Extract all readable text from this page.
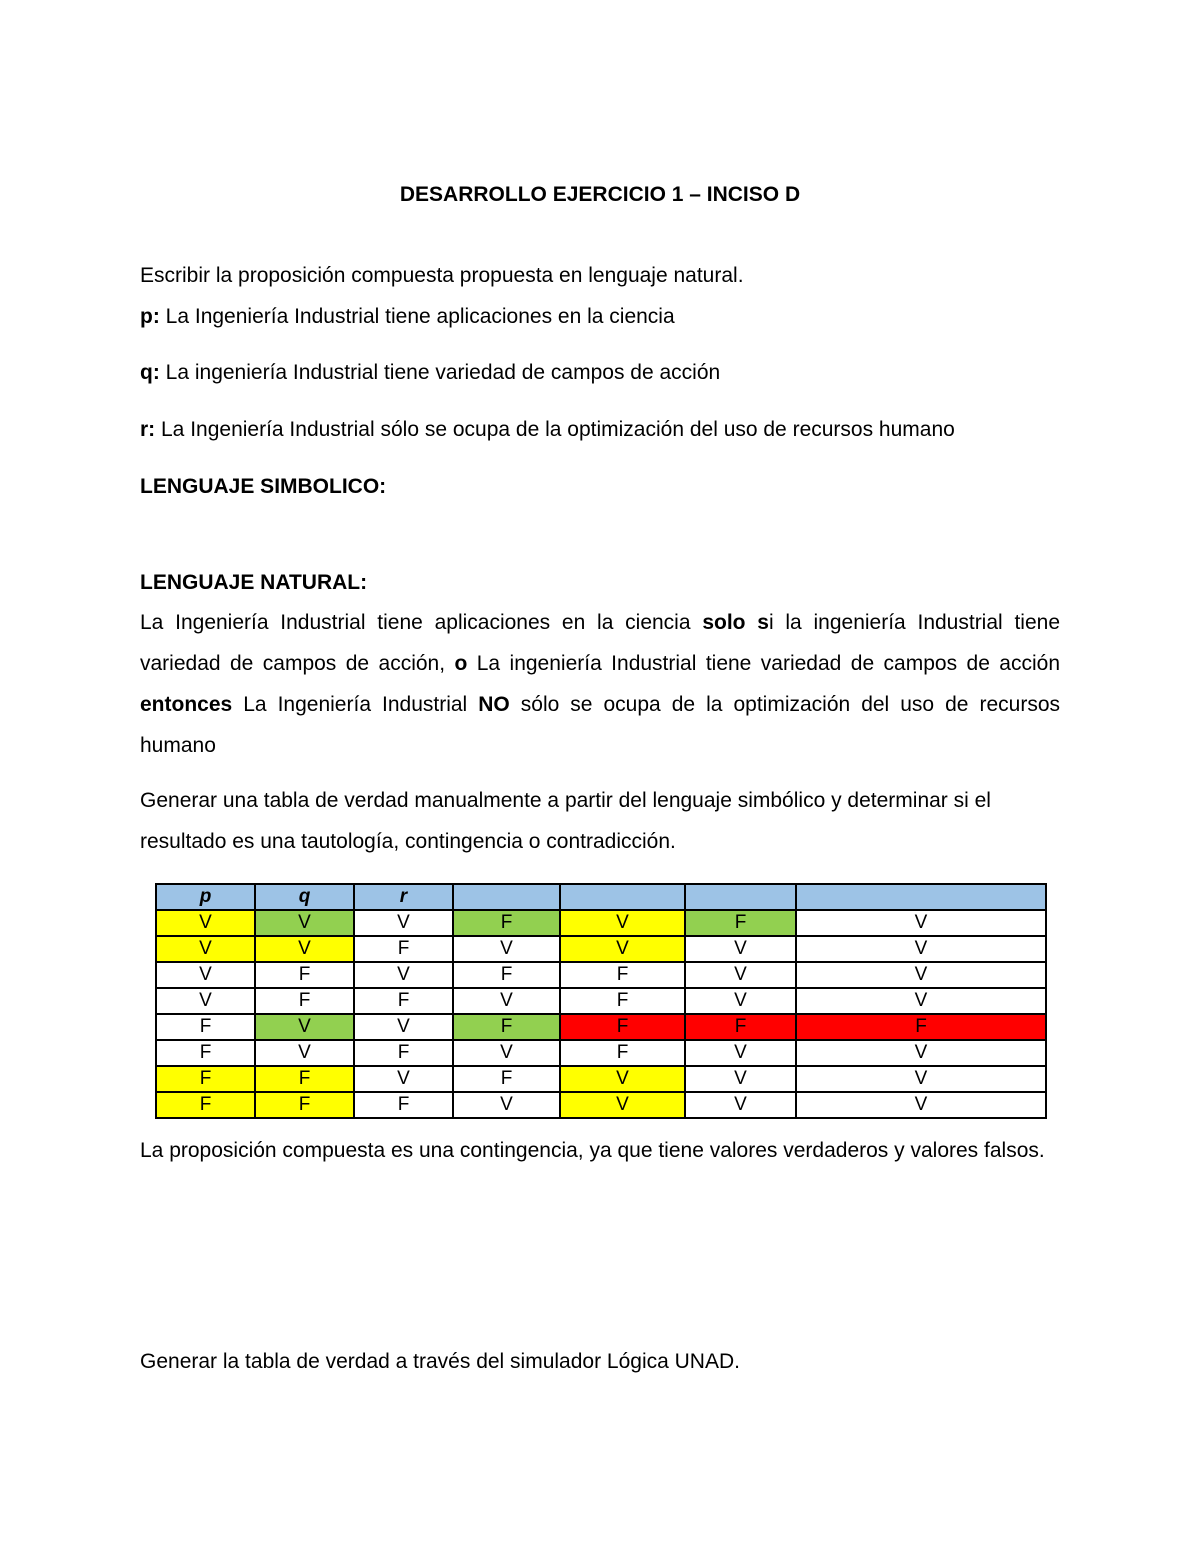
DESARROLLO EJERCICIO 1 – INCISO D
Escribir la proposición compuesta propuesta en lenguaje natural.
p: La Ingeniería Industrial tiene aplicaciones en la ciencia
q: La ingeniería Industrial tiene variedad de campos de acción
r: La Ingeniería Industrial sólo se ocupa de la optimización del uso de recursos humano
LENGUAJE SIMBOLICO:
LENGUAJE NATURAL:
La Ingeniería Industrial tiene aplicaciones en la ciencia solo si la ingeniería Industrial tiene variedad de campos de acción, o La ingeniería Industrial tiene variedad de campos de acción entonces La Ingeniería Industrial NO sólo se ocupa de la optimización del uso de recursos humano
Generar una tabla de verdad manualmente a partir del lenguaje simbólico y determinar si el resultado es una tautología, contingencia o contradicción.
p	q	r				
V	V	V	F	V	F	V
V	V	F	V	V	V	V
V	F	V	F	F	V	V
V	F	F	V	F	V	V
F	V	V	F	F	F	F
F	V	F	V	F	V	V
F	F	V	F	V	V	V
F	F	F	V	V	V	V
La proposición compuesta es una contingencia, ya que tiene valores verdaderos y valores falsos.
Generar la tabla de verdad a través del simulador Lógica UNAD.
